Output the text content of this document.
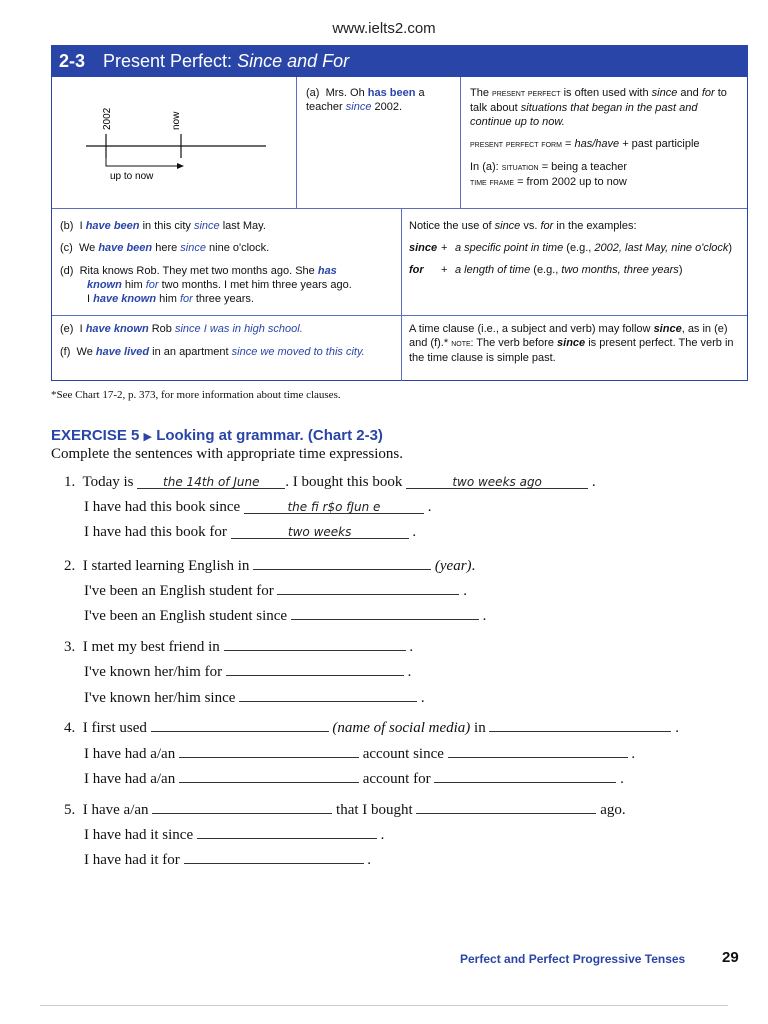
www.ielts2.com
2-3 Present Perfect: Since and For
2002	now
up to now
(a) Mrs. Oh has been a teacher since 2002.
The present perfect is often used with since and for to talk about situations that began in the past and continue up to now.
present perfect form = has/have + past participle
In (a): situation = being a teacher
time frame = from 2002 up to now
(b) I have been in this city since last May.
(c) We have been here since nine o'clock.
(d) Rita knows Rob. They met two months ago. She has
known him for two months. I met him three years ago.
I have known him for three years.
Notice the use of since vs. for in the examples:
since + a specific point in time (e.g., 2002, last May, nine o'clock)
for	+ a length of time (e.g., two months, three years)
(e) I have known Rob since I was in high school.
(f) We have lived in an apartment since we moved to this city.
A time clause (i.e., a subject and verb) may follow since, as in (e) and (f).* note: The verb before since is present perfect. The verb in the time clause is simple past.
*See Chart 17-2, p. 373, for more information about time clauses.
EXERCISE 5 ▶ Looking at grammar. (Chart 2-3)
Complete the sentences with appropriate time expressions.
1. Today is the 14th of June . I bought this book	two weeks ago	.
I have had this book since	the fi r$o fJun e	.
I have had this book for	two weeks	.
2. I started learning English in	(year).
I've been an English student for	.
I've been an English student since	.
3. I met my best friend in	.
I've known her/him for	.
I've known her/him since	.
4. I first used	(name of social media) in	.
I have had a/an	account since	.
I have had a/an	account for	.
5. I have a/an	that I bought	ago.
I have had it since	.
I have had it for	.
Perfect and Perfect Progressive Tenses 29
